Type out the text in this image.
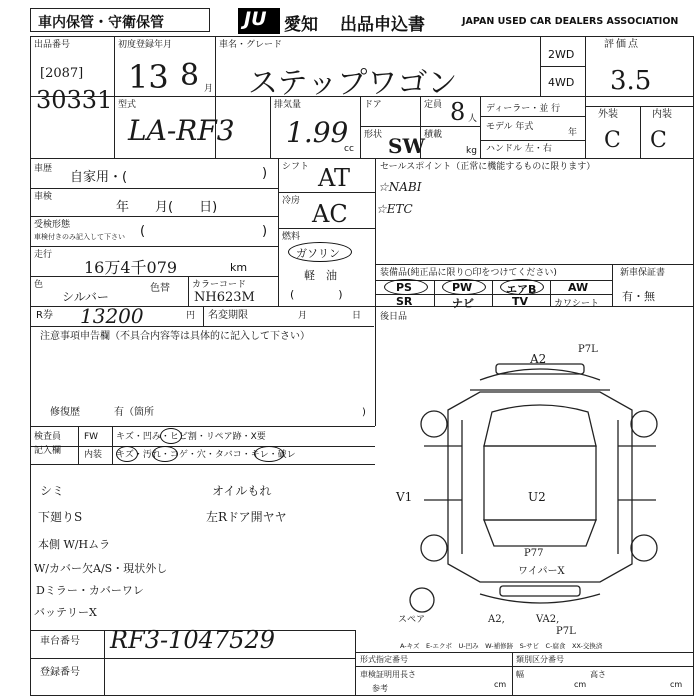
車内保管・守衛保管	JU 愛知 出品申込書	JAPAN USED CAR DEALERS ASSOCIATION
出品番号
[2087]
30331
初度登録年月
13 8 月
車名・グレード
ステップワゴン
2WD
4WD
評価点
3.5
外装	内装
C C
型式
LA-RF3
排気量
1.99
cc
ドア
形状 SW
定員 8 人
積載
kg
ディーラー・並 行
モデル 年式
年
ハンドル 左・右
車歴
自家用・(	)
車検
年　　月(　　日)
受検形態
車検付きのみ記入して下さい (	)
走行
16万4千079	km
色
シルバー
色替 カラーコード
NH623M
シフト AT
冷房 AC
燃料
ガソリン
軽　油
(　　　　)
セールスポイント（正常に機能するものに限ります）
☆NABI
☆ETC
装備品(純正品に限り○印をつけてください)
PS	PW	エアB	AW
SR	ナビ	TV	カワシート
新車保証書
有・無
R券 13200	円 名変期限	月	日 後日品
注意事項申告欄（不具合内容等は具体的に記入して下さい）
修復歴	有（箇所	)
検査員
記入欄
FW キズ・凹み・ヒビ割・リペア跡・X要
内装 キズ・汚れ・コゲ・穴・タバコ・キレ・破レ
シミ	オイルもれ
下廻りS	左Rドア開ヤヤ
本側 W/Hムラ
W/カバー欠A/S・現状外し
Dミラー・カバーワレ
バッテリーX
A2
P7L
V1	U2
P77
ワイパーX
スペア	A2,	VA2,
P7L
A-キズ　E-エクボ　U-凹み　W-補修跡　S-サビ　C-腐食　XX-交換済
車台番号 RF3-1047529
登録番号
形式指定番号	類別区分番号
車検証明用
参考
長さ
cm
幅
cm
高さ
cm
